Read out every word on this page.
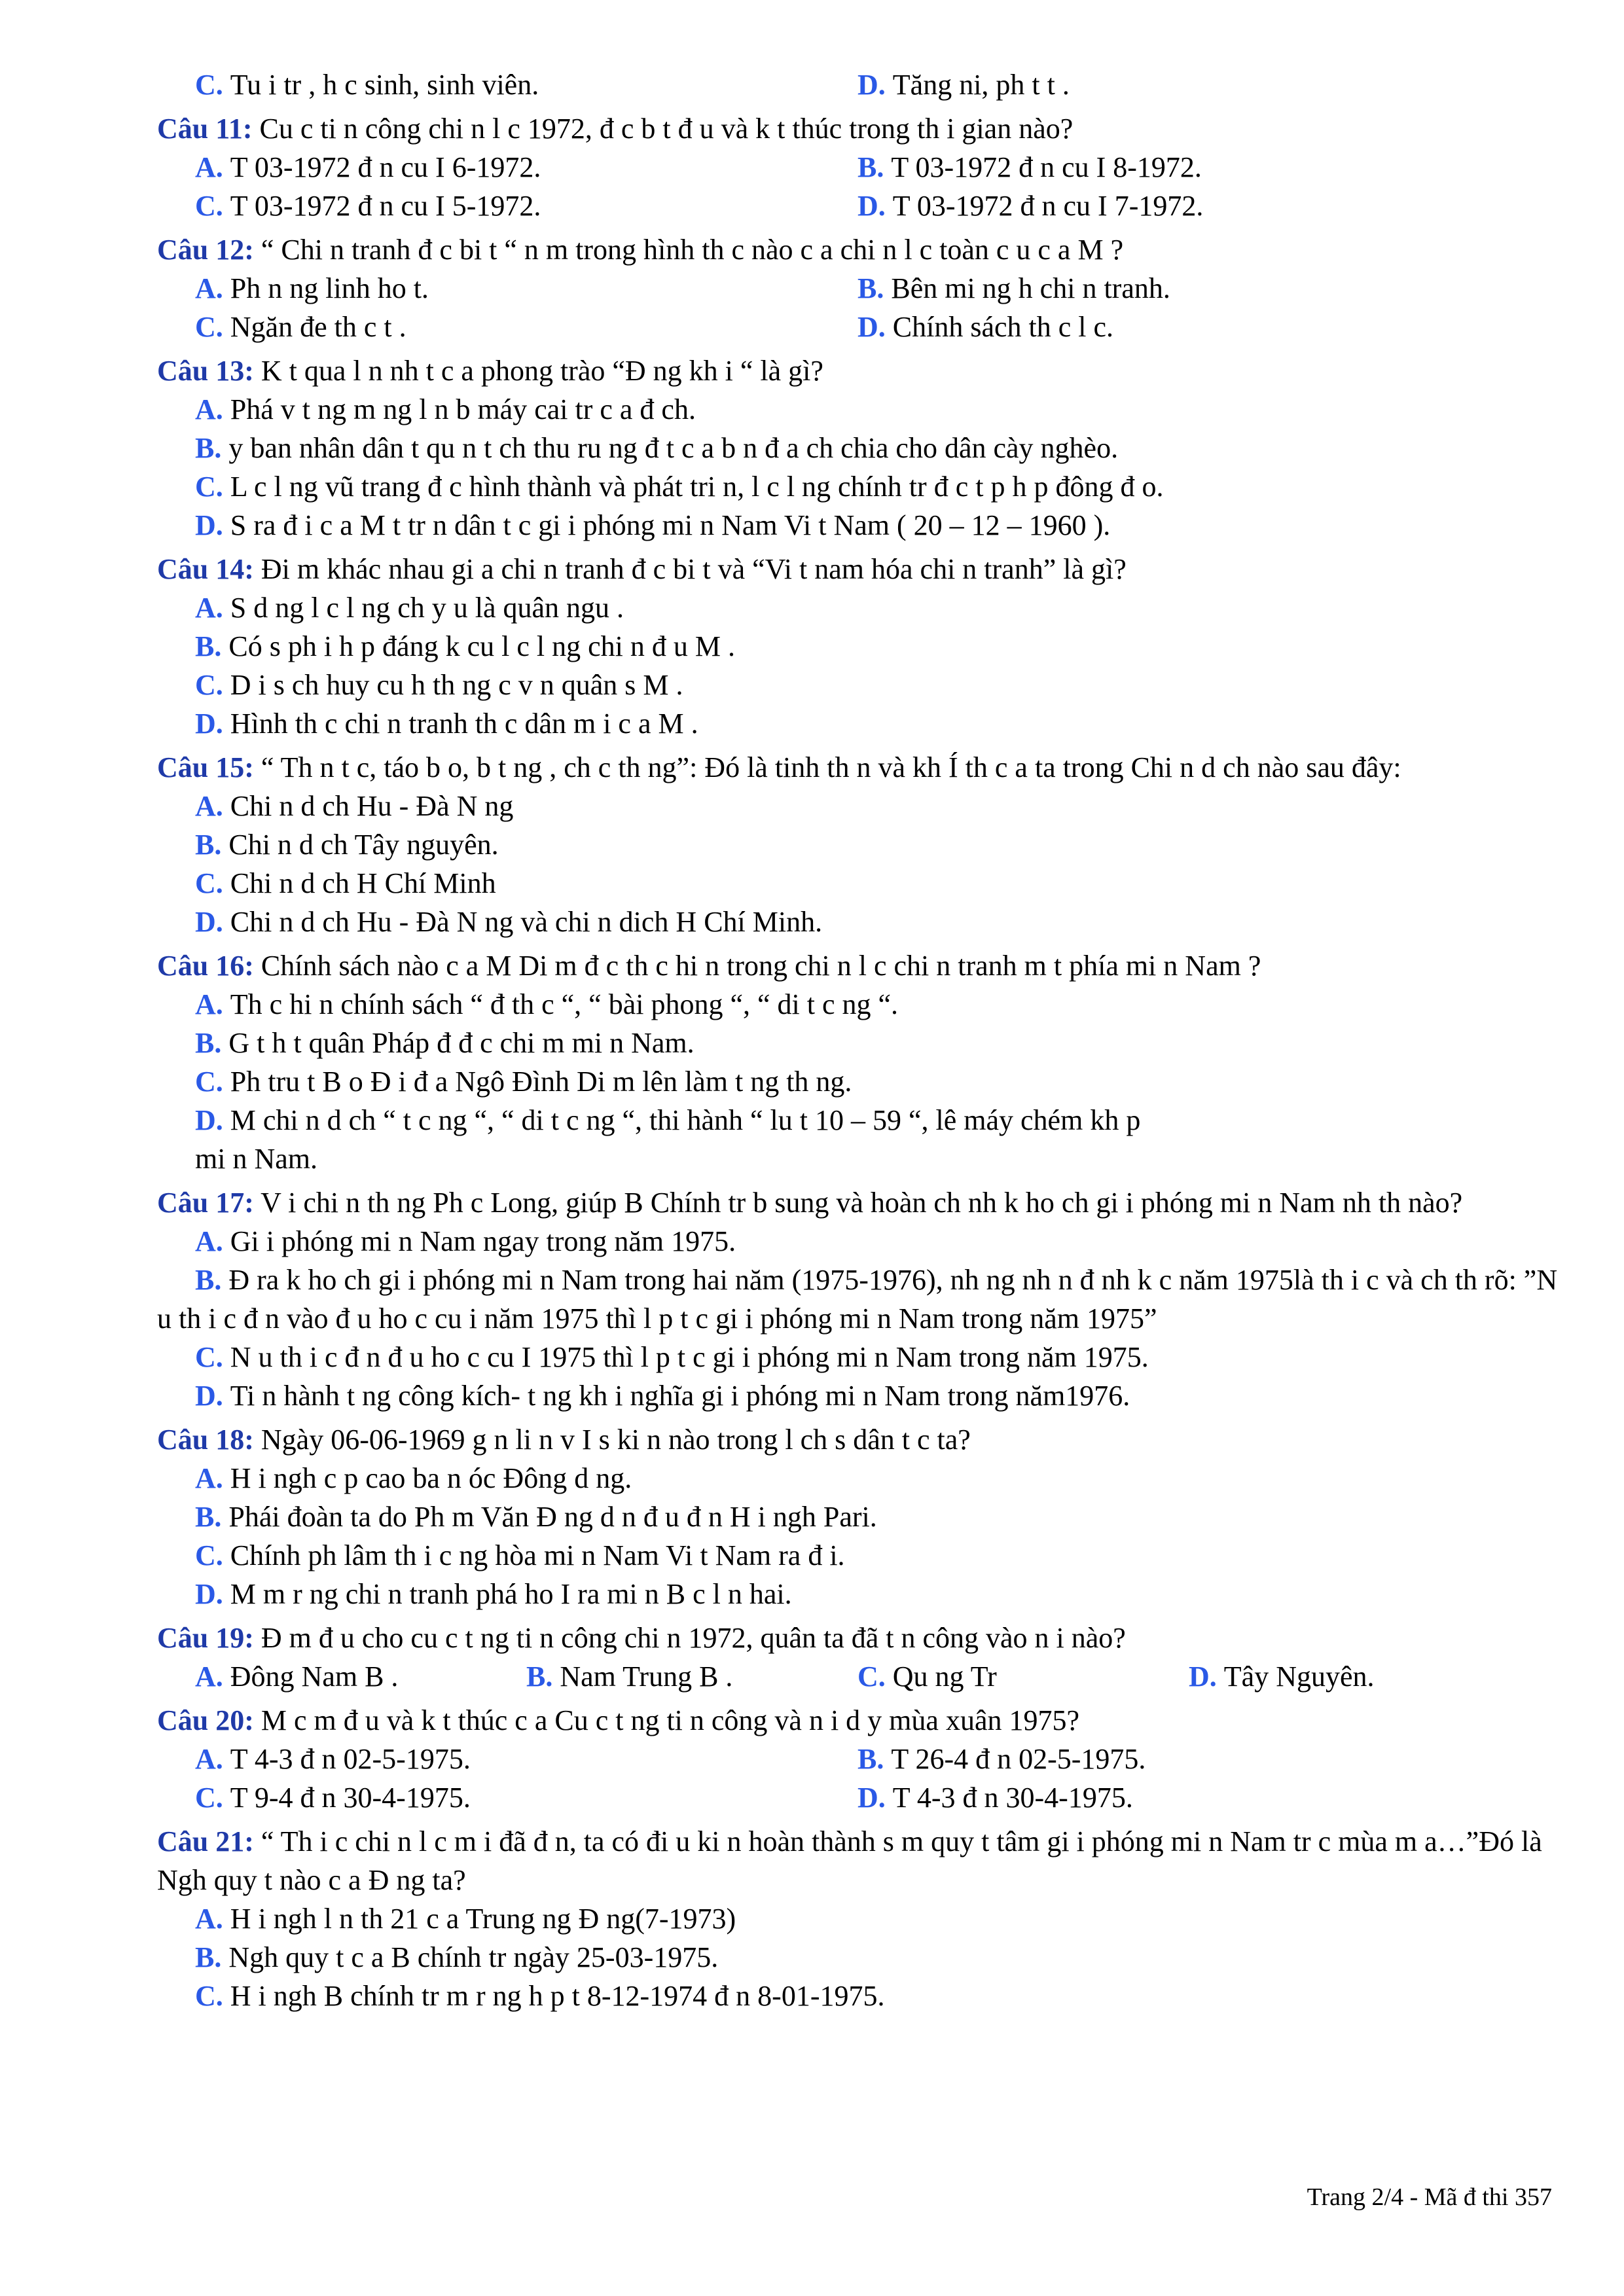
C. Tu i tr , h c sinh, sinh viên.	D. Tăng ni, ph t t .
Câu 11: Cu c ti n công chi n l c 1972, đ c b t đ u và k t thúc trong th i gian nào?
A. T 03-1972 đ n cu I 6-1972.	B. T 03-1972 đ n cu I 8-1972.
C. T 03-1972 đ n cu I 5-1972.	D. T 03-1972 đ n cu I 7-1972.
Câu 12: “ Chi n tranh đ c bi t “ n m trong hình th c nào c a chi n l c toàn c u c a M ?
A. Ph n ng linh ho t.	B. Bên mi ng h chi n tranh.
C. Ngăn đe th c t .	D. Chính sách th c l c.
Câu 13: K t qua l n nh t c a phong trào “Đ ng kh i “ là gì?
A. Phá v t ng m ng l n b máy cai tr c a đ ch.
B. y ban nhân dân t qu n t ch thu ru ng đ t c a b n đ a ch chia cho dân cày nghèo.
C. L c l ng vũ trang đ c hình thành và phát tri n, l c l ng chính tr đ c t p h p đông đ o.
D. S ra đ i c a M t tr n dân t c gi i phóng mi n Nam Vi t Nam ( 20 – 12 – 1960 ).
Câu 14: Đi m khác nhau gi a chi n tranh đ c bi t và “Vi t nam hóa chi n tranh” là gì?
A. S d ng l c l ng ch y u là quân ngu .
B. Có s ph i h p đáng k cu l c l ng chi n đ u M .
C. D i s ch huy cu h th ng c v n quân s M .
D. Hình th c chi n tranh th c dân m i c a M .
Câu 15: “ Th n t c, táo b o, b t ng , ch c th ng”: Đó là tinh th n và kh Í th c a ta trong Chi n d ch nào sau đây:
A. Chi n d ch Hu - Đà N ng
B. Chi n d ch Tây nguyên.
C. Chi n d ch H Chí Minh
D. Chi n d ch Hu - Đà N ng và chi n dich H Chí Minh.
Câu 16: Chính sách nào c a M Di m đ c th c hi n trong chi n l c chi n tranh m t phía mi n Nam ?
A. Th c hi n chính sách “ đ th c “, “ bài phong “, “ di t c ng “.
B. G t h t quân Pháp đ đ c chi m mi n Nam.
C. Ph tru t B o Đ i đ a Ngô Đình Di m lên làm t ng th ng.
D. M chi n d ch “ t c ng “, “ di t c ng “, thi hành “ lu t 10 – 59 “, lê máy chém kh p
mi n Nam.
Câu 17: V i chi n th ng Ph c Long, giúp B Chính tr b sung và hoàn ch nh k ho ch gi i phóng mi n Nam nh th nào?
A. Gi i phóng mi n Nam ngay trong năm 1975.
B. Đ ra k ho ch gi i phóng mi n Nam trong hai năm (1975-1976), nh ng nh n đ nh k c năm 1975là th i c và ch th rõ: ”N u th i c đ n vào đ u ho c cu i năm 1975 thì l p t c gi i phóng mi n Nam trong năm 1975”
C. N u th i c đ n đ u ho c cu I 1975 thì l p t c gi i phóng mi n Nam trong năm 1975.
D. Ti n hành t ng công kích- t ng kh i nghĩa gi i phóng mi n Nam trong năm1976.
Câu 18: Ngày 06-06-1969 g n li n v I s ki n nào trong l ch s dân t c ta?
A. H i ngh c p cao ba n óc Đông d ng.
B. Phái đoàn ta do Ph m Văn Đ ng d n đ u đ n H i ngh Pari.
C. Chính ph lâm th i c ng hòa mi n Nam Vi t Nam ra đ i.
D. M m r ng chi n tranh phá ho I ra mi n B c l n hai.
Câu 19: Đ m đ u cho cu c t ng ti n công chi n 1972, quân ta đã t n công vào n i nào?
A. Đông Nam B .	B. Nam Trung B .	C. Qu ng Tr	D. Tây Nguyên.
Câu 20: M c m đ u và k t thúc c a Cu c t ng ti n công và n i d y mùa xuân 1975?
A. T 4-3 đ n 02-5-1975.	B. T 26-4 đ n 02-5-1975.
C. T 9-4 đ n 30-4-1975.	D. T 4-3 đ n 30-4-1975.
Câu 21: “ Th i c chi n l c m i đã đ n, ta có đi u ki n hoàn thành s m quy t tâm gi i phóng mi n Nam tr c mùa m a…”Đó là Ngh quy t nào c a Đ ng ta?
A. H i ngh l n th 21 c a Trung ng Đ ng(7-1973)
B. Ngh quy t c a B chính tr ngày 25-03-1975.
C. H i ngh B chính tr m r ng h p t 8-12-1974 đ n 8-01-1975.
Trang 2/4 - Mã đ thi 357
